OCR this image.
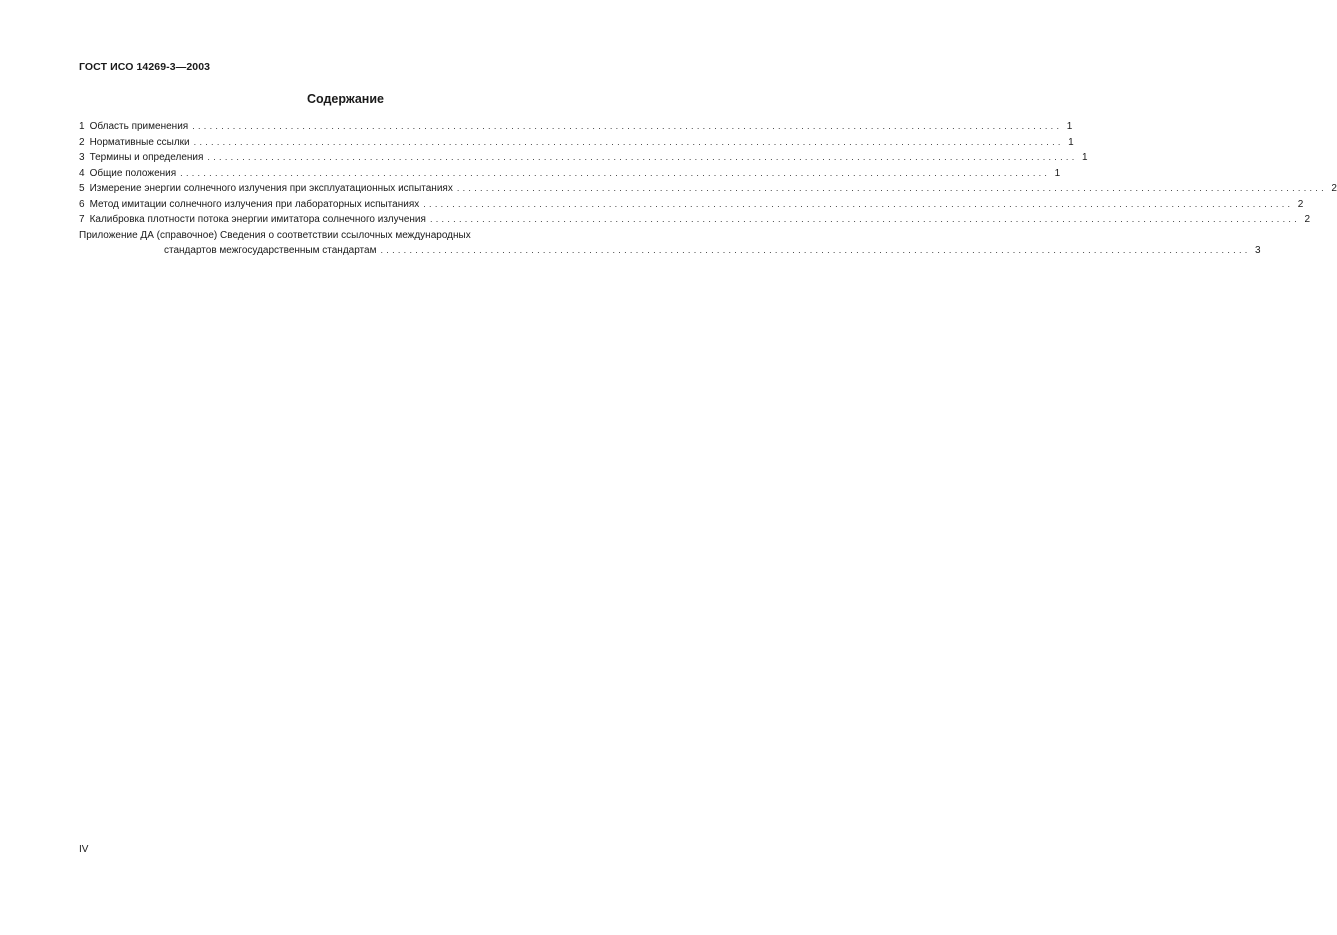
ГОСТ ИСО 14269-3—2003
Содержание
1 Область применения ...................................................................................................................................................... 1
2 Нормативные ссылки ...................................................................................................................................................... 1
3 Термины и определения ...................................................................................................................................................... 1
4 Общие положения ...................................................................................................................................................... 1
5 Измерение энергии солнечного излучения при эксплуатационных испытаниях ...................................................................................................................................................... 2
6 Метод имитации солнечного излучения при лабораторных испытаниях ...................................................................................................................................................... 2
7 Калибровка плотности потока энергии имитатора солнечного излучения ...................................................................................................................................................... 2
Приложение ДА (справочное) Сведения о соответствии ссылочных международных
стандартов межгосударственным стандартам ...................................................................................................................................................... 3
IV
